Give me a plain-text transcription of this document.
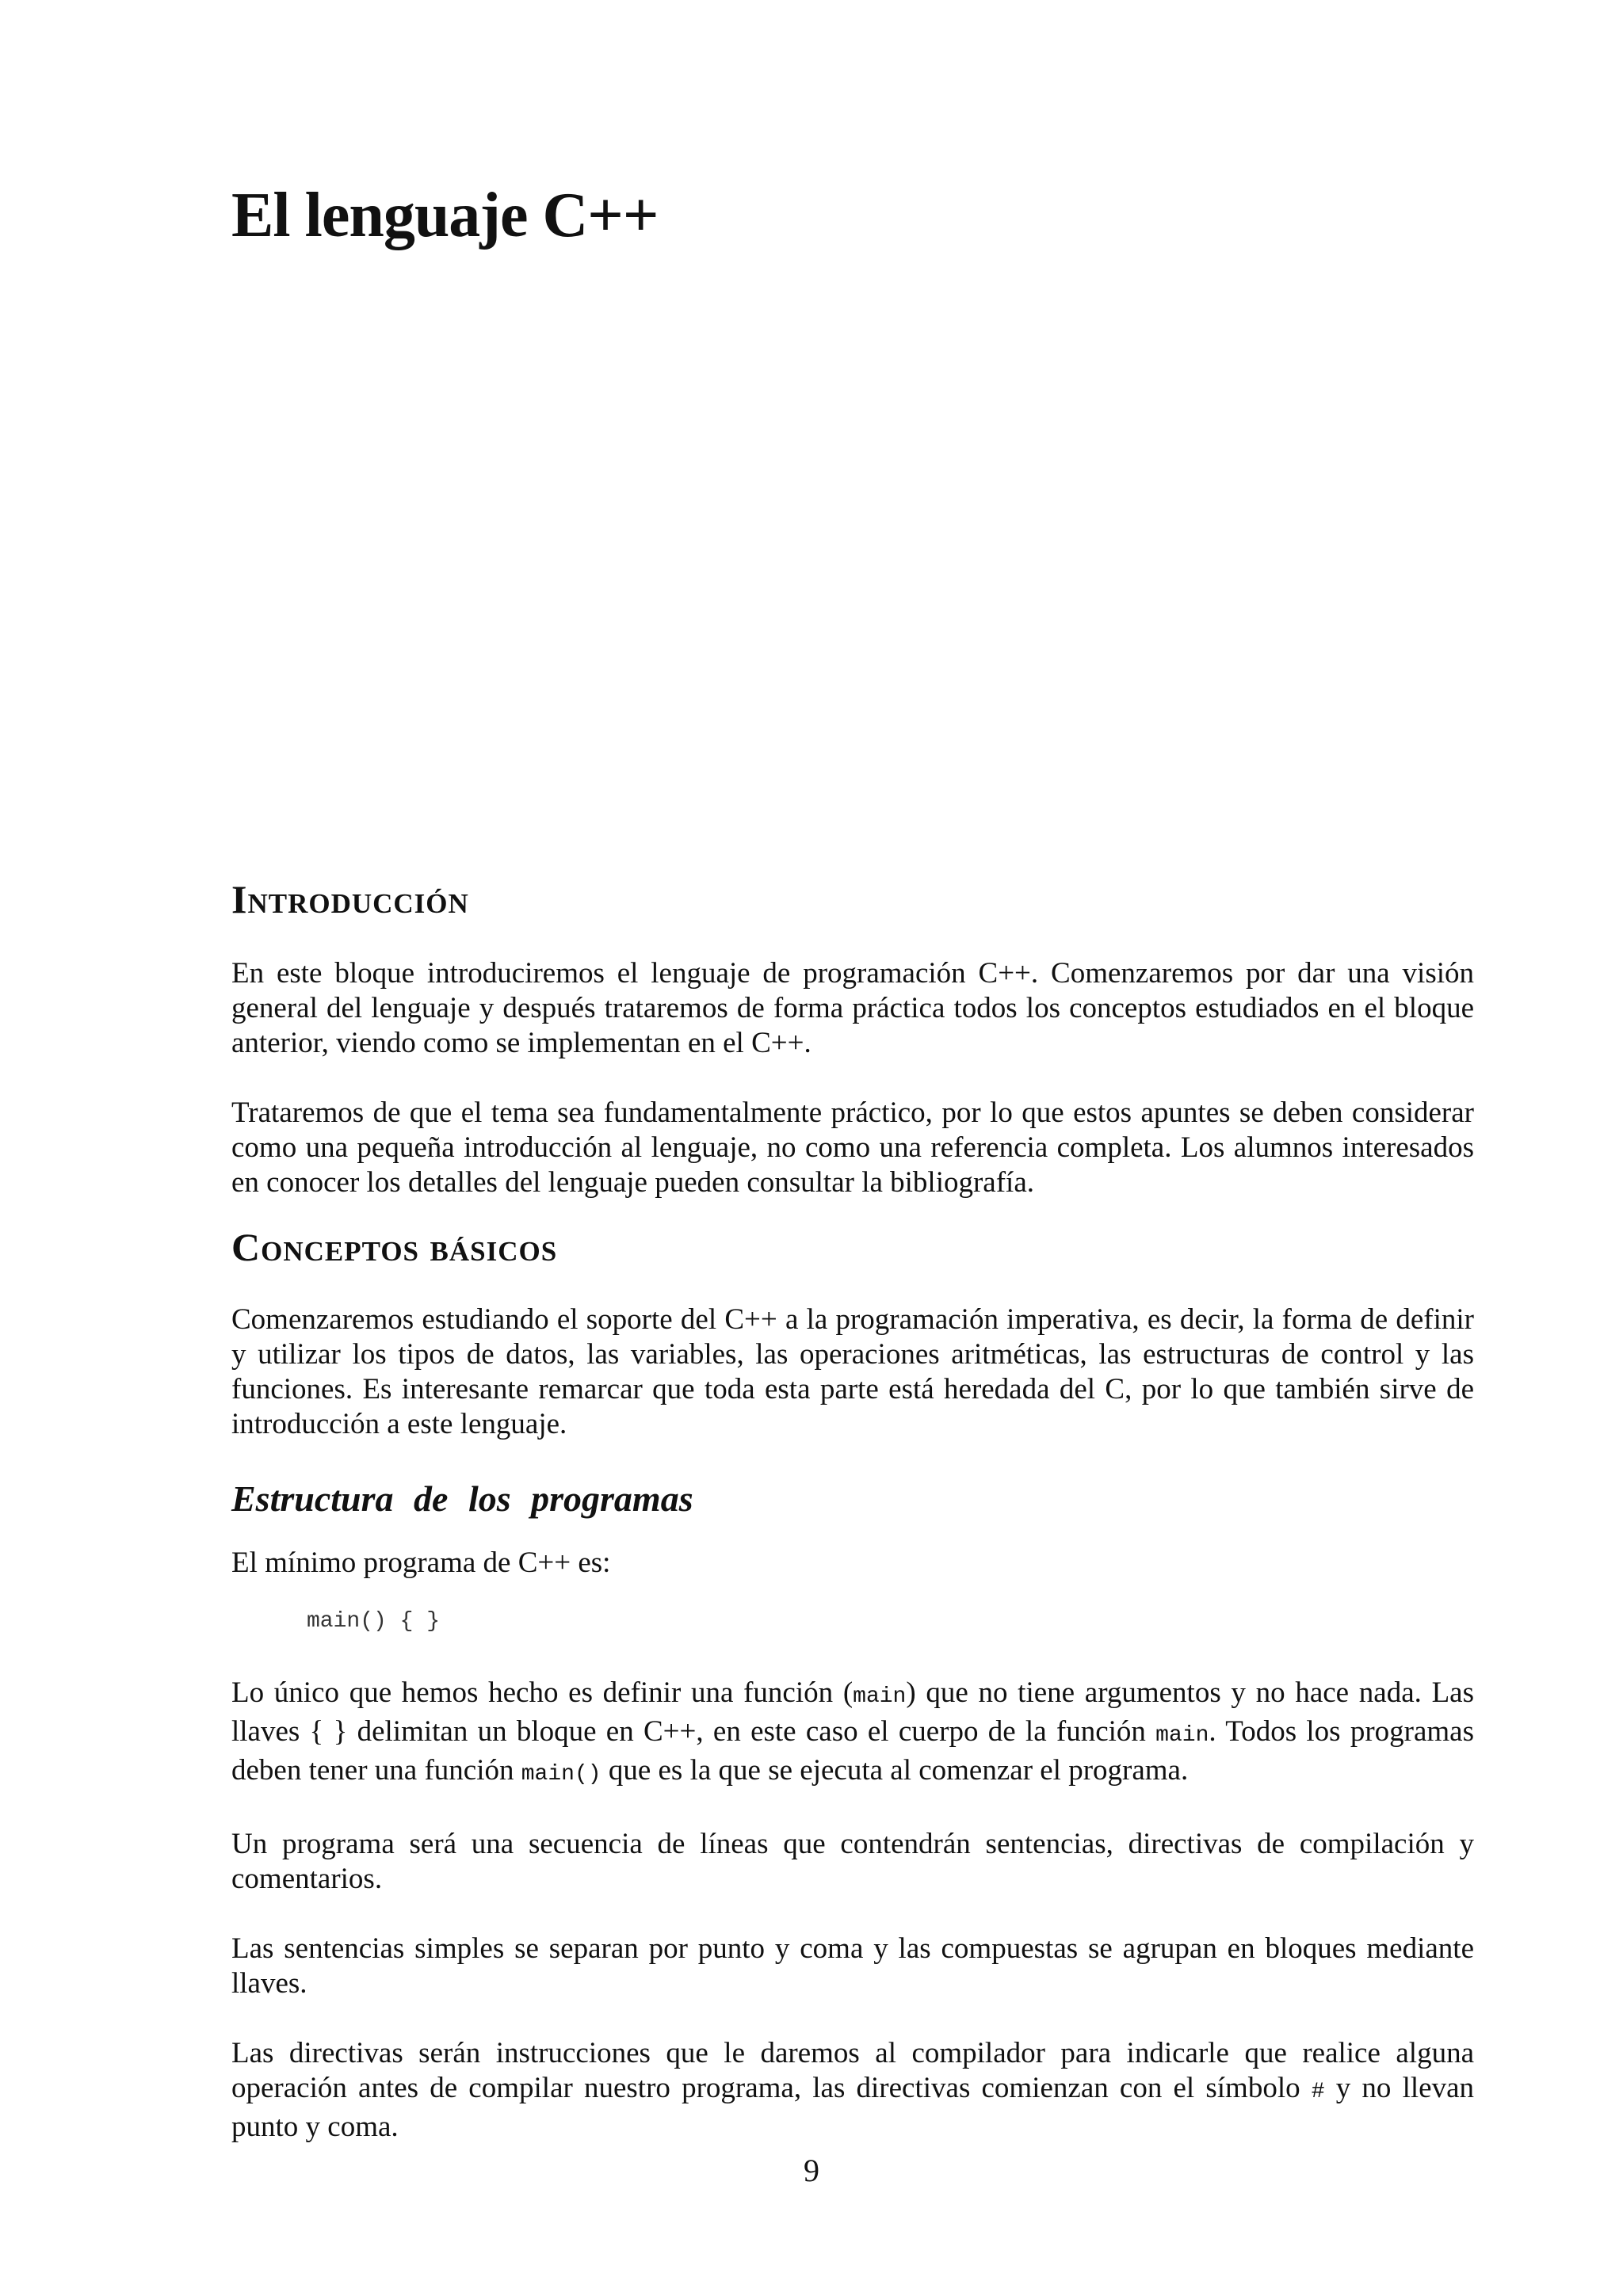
El lenguaje C++
Introducción

En este bloque introduciremos el lenguaje de programación C++. Comenzaremos por dar una visión general del lenguaje y después trataremos de forma práctica todos los conceptos estudiados en el bloque anterior, viendo como se implementan en el C++.

Trataremos de que el tema sea fundamentalmente práctico, por lo que estos apuntes se deben considerar como una pequeña introducción al lenguaje, no como una referencia completa. Los alumnos interesados en conocer los detalles del lenguaje pueden consultar la bibliografía.

Conceptos básicos

Comenzaremos estudiando el soporte del C++ a la programación imperativa, es decir, la forma de definir y utilizar los tipos de datos, las variables, las operaciones aritméticas, las estructuras de control y las funciones. Es interesante remarcar que toda esta parte está heredada del C, por lo que también sirve de introducción a este lenguaje.

Estructura de los programas

El mínimo programa de C++ es:

main() { }

Lo único que hemos hecho es definir una función (main) que no tiene argumentos y no hace nada. Las llaves { } delimitan un bloque en C++, en este caso el cuerpo de la función main. Todos los programas deben tener una función main() que es la que se ejecuta al comenzar el programa.

Un programa será una secuencia de líneas que contendrán sentencias, directivas de compilación y comentarios.

Las sentencias simples se separan por punto y coma y las compuestas se agrupan en bloques mediante llaves.

Las directivas serán instrucciones que le daremos al compilador para indicarle que realice alguna operación antes de compilar nuestro programa, las directivas comienzan con el símbolo # y no llevan punto y coma.

9
